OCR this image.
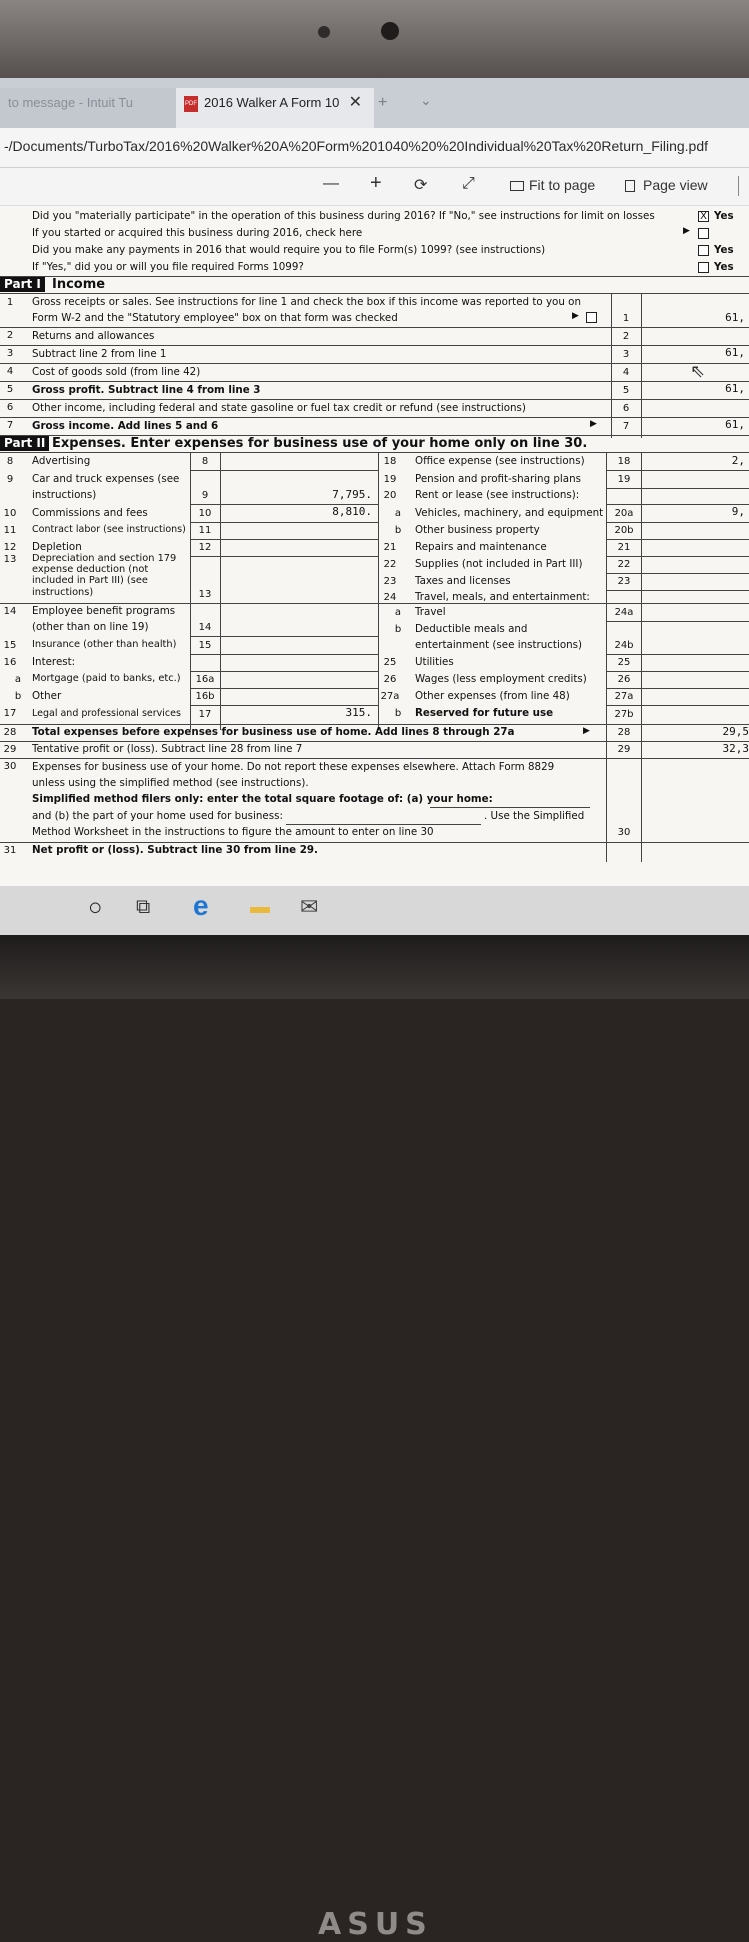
to message - Intuit Tu	PDF 2016 Walker A Form 10 ✕ + ⌄
-/Documents/TurboTax/2016%20Walker%20A%20Form%201040%20%20Individual%20Tax%20Return_Filing.pdf
— + ⟳ ⤢	Fit to page	Page view
Did you "materially participate" in the operation of this business during 2016? If "No," see instructions for limit on losses	X Yes
If you started or acquired this business during 2016, check here	▶
Did you make any payments in 2016 that would require you to file Form(s) 1099? (see instructions)	Yes
If "Yes," did you or will you file required Forms 1099?	Yes
Part I Income
1	Gross receipts or sales. See instructions for line 1 and check the box if this income was reported to you on
Form W-2 and the "Statutory employee" box on that form was checked	▶	1	61,
2	Returns and allowances	2
3	Subtract line 2 from line 1	3	61,
4	Cost of goods sold (from line 42)	4	⇖
5	Gross profit. Subtract line 4 from line 3	5	61,
6	Other income, including federal and state gasoline or fuel tax credit or refund (see instructions)	6
7	Gross income. Add lines 5 and 6	▶	7	61,
Part II Expenses. Enter expenses for business use of your home only on line 30.
8	Advertising	8
9	Car and truck expenses (see
instructions)	9	7,795.
10	Commissions and fees	10	8,810.
11	Contract labor (see instructions)	11
12	Depletion	12
13	Depreciation and section 179
expense deduction (not
included in Part III) (see
instructions)	13
14	Employee benefit programs
(other than on line 19)	14
15	Insurance (other than health)	15
16	Interest:
a	Mortgage (paid to banks, etc.) 16a
b	Other	16b
17	Legal and professional services	17	315.
18	Office expense (see instructions)	18	2,
19	Pension and profit-sharing plans	19
20	Rent or lease (see instructions):
a	Vehicles, machinery, and equipment 20a	9,
b	Other business property	20b
21	Repairs and maintenance	21
22	Supplies (not included in Part III)	22
23	Taxes and licenses	23
24	Travel, meals, and entertainment:
a	Travel	24a
b	Deductible meals and
entertainment (see instructions)	24b
25	Utilities	25
26	Wages (less employment credits)	26
27a Other expenses (from line 48)	27a
b	Reserved for future use	27b
28	Total expenses before expenses for business use of home. Add lines 8 through 27a	▶	28	29,5
29	Tentative profit or (loss). Subtract line 28 from line 7	29	32,3
30	Expenses for business use of your home. Do not report these expenses elsewhere. Attach Form 8829
unless using the simplified method (see instructions).
Simplified method filers only: enter the total square footage of: (a) your home:
and (b) the part of your home used for business:	. Use the Simplified
Method Worksheet in the instructions to figure the amount to enter on line 30	30
31	Net profit or (loss). Subtract line 30 from line 29.
○ ⧉ e ▬ ✉
ASUS
